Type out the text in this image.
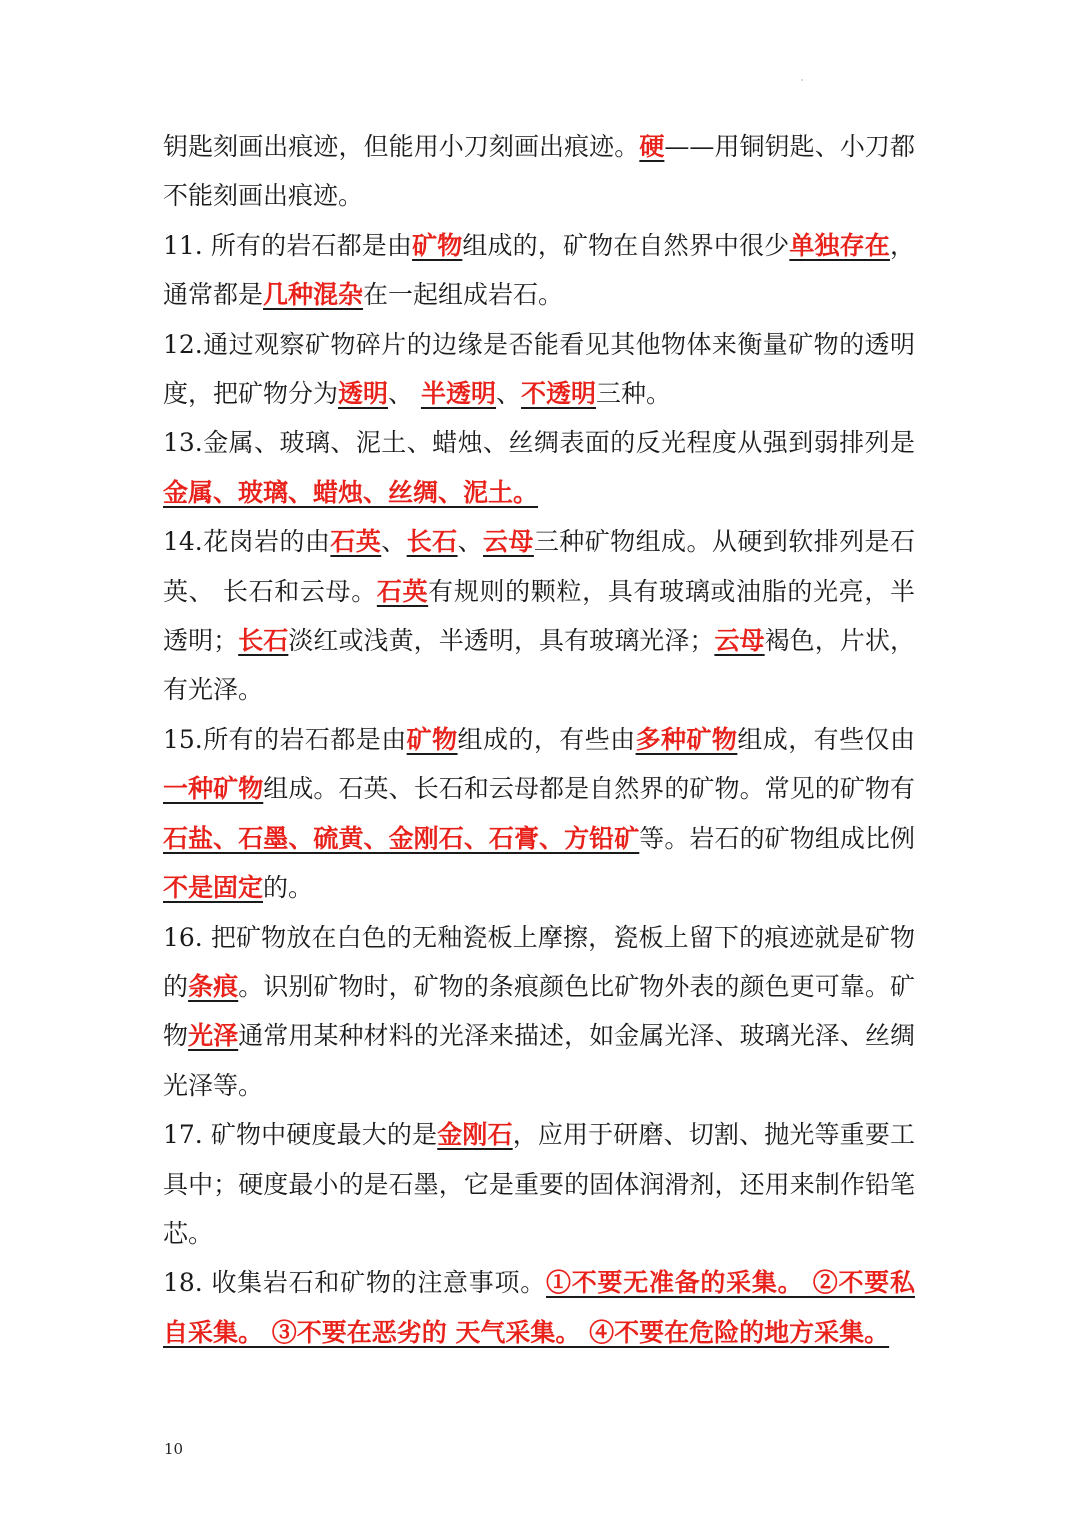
钥匙刻画出痕迹，但能用小刀刻画出痕迹。硬——用铜钥匙、小刀都不能刻画出痕迹。

11. 所有的岩石都是由矿物组成的，矿物在自然界中很少单独存在，通常都是几种混杂在一起组成岩石。

12.通过观察矿物碎片的边缘是否能看见其他物体来衡量矿物的透明度，把矿物分为透明、 半透明、不透明三种。

13.金属、玻璃、泥土、蜡烛、丝绸表面的反光程度从强到弱排列是金属、玻璃、蜡烛、丝绸、泥土。

14.花岗岩的由石英、长石、云母三种矿物组成。从硬到软排列是石英、 长石和云母。石英有规则的颗粒，具有玻璃或油脂的光亮，半透明；长石淡红或浅黄，半透明，具有玻璃光泽；云母褐色，片状，有光泽。

15.所有的岩石都是由矿物组成的，有些由多种矿物组成，有些仅由一种矿物组成。石英、长石和云母都是自然界的矿物。常见的矿物有石盐、石墨、硫黄、金刚石、石膏、方铅矿等。岩石的矿物组成比例不是固定的。

16. 把矿物放在白色的无釉瓷板上摩擦，瓷板上留下的痕迹就是矿物的条痕。识别矿物时，矿物的条痕颜色比矿物外表的颜色更可靠。矿物光泽通常用某种材料的光泽来描述，如金属光泽、玻璃光泽、丝绸光泽等。

17. 矿物中硬度最大的是金刚石，应用于研磨、切割、抛光等重要工具中；硬度最小的是石墨，它是重要的固体润滑剂，还用来制作铅笔芯。

18. 收集岩石和矿物的注意事项。①不要无准备的采集。 ②不要私自采集。 ③不要在恶劣的 天气采集。 ④不要在危险的地方采集。

10
